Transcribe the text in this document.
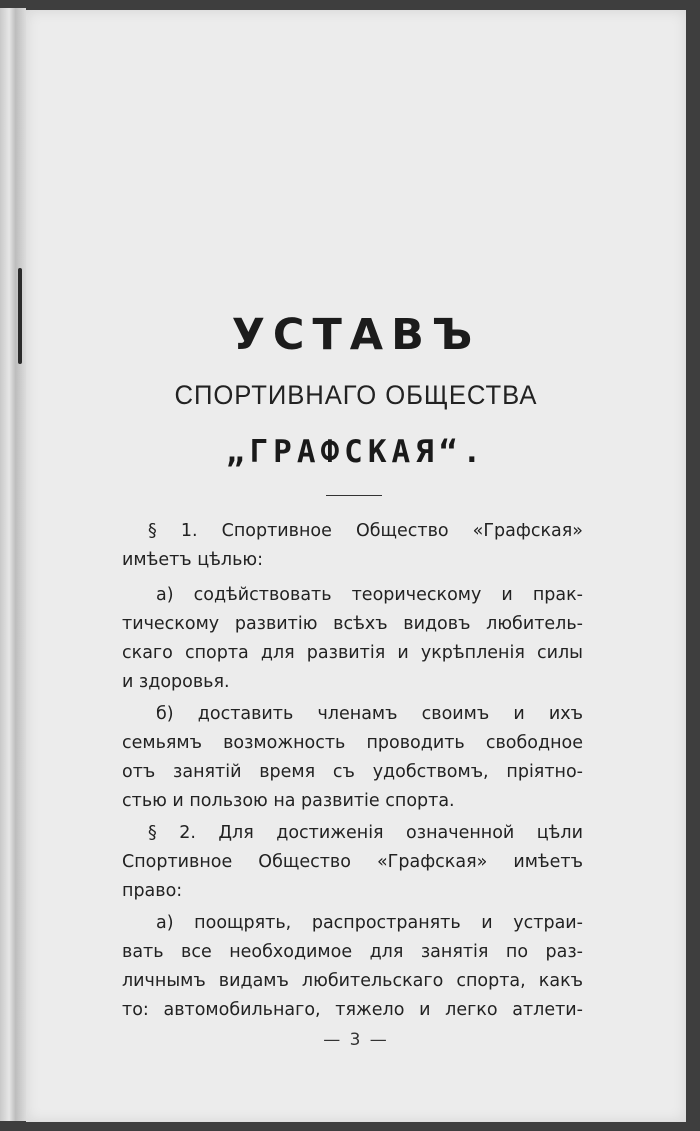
УСТАВЪ
СПОРТИВНАГО ОБЩЕСТВА
„ГРАФСКАЯ“.
§ 1. Спортивное Общество «Графская»
имѣетъ цѣлью:
а) содѣйствовать теорическому и прак-
тическому развитiю всѣхъ видовъ любитель-
скаго спорта для развитiя и укрѣпленiя силы
и здоровья.
б) доставить членамъ своимъ и ихъ
семьямъ возможность проводить свободное
отъ занятiй время съ удобствомъ, прiятно-
стью и пользою на развитiе спорта.
§ 2. Для достиженiя означенной цѣли
Спортивное Общество «Графская» имѣетъ
право:
а) поощрять, распространять и устраи-
вать все необходимое для занятiя по раз-
личнымъ видамъ любительскаго спорта, какъ
то: автомобильнаго, тяжело и легко атлети-
— 3 —
